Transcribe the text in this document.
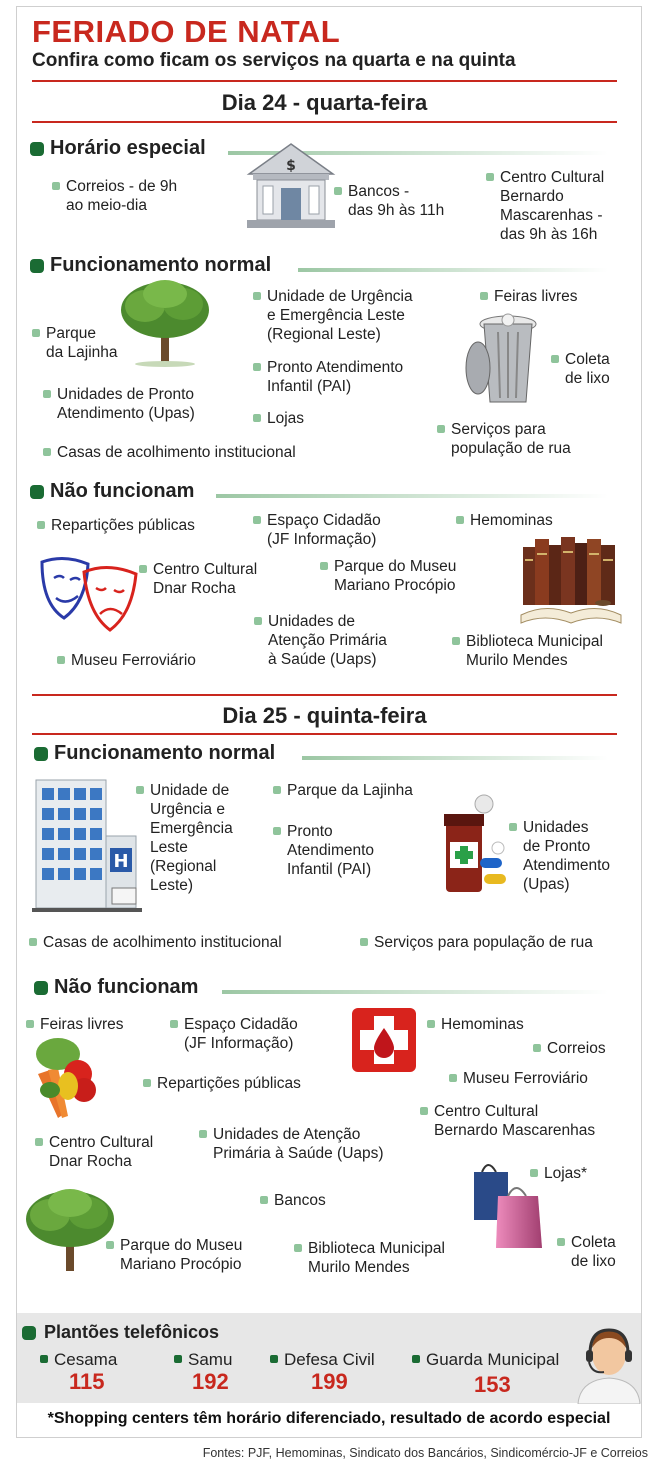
FERIADO DE NATAL
Confira como ficam os serviços na quarta e na quinta
Dia 24 - quarta-feira
Horário especial
Correios - de 9h
ao meio-dia
Bancos -
das 9h às 11h
Centro Cultural
Bernardo
Mascarenhas -
das 9h às 16h
$
Funcionamento normal
Parque
da Lajinha
Unidade de Urgência
e Emergência Leste
(Regional Leste)
Feiras livres
Pronto Atendimento
Infantil (PAI)
Coleta
de lixo
Unidades de Pronto
Atendimento (Upas)	Lojas
Serviços para
população de rua
Casas de acolhimento institucional
Não funcionam
Repartições públicas	Espaço Cidadão
(JF Informação)
Hemominas
Centro Cultural
Dnar Rocha
Parque do Museu
Mariano Procópio
Unidades de
Atenção Primária
à Saúde (Uaps)
Biblioteca Municipal
Murilo Mendes
Museu Ferroviário
Dia 25 - quinta-feira
Funcionamento normal
Unidade de
Urgência e
Emergência
Leste
(Regional
Leste)
Parque da Lajinha
Pronto
Atendimento
Infantil (PAI)
Unidades
de Pronto
Atendimento
(Upas)
Casas de acolhimento institucional	Serviços para população de rua
H
Não funcionam
Feiras livres	Espaço Cidadão
(JF Informação)
Hemominas
Correios
Repartições públicas	Museu Ferroviário
Centro Cultural
Bernardo Mascarenhas
Centro Cultural
Dnar Rocha
Unidades de Atenção
Primária à Saúde (Uaps)
Lojas*
Bancos
Parque do Museu
Mariano Procópio
Biblioteca Municipal
Murilo Mendes
Coleta
de lixo
Plantões telefônicos
Cesama
115
Samu
192
Defesa Civil
199
Guarda Municipal
153
*Shopping centers têm horário diferenciado, resultado de acordo especial
Fontes: PJF, Hemominas, Sindicato dos Bancários, Sindicomércio-JF e Correios
